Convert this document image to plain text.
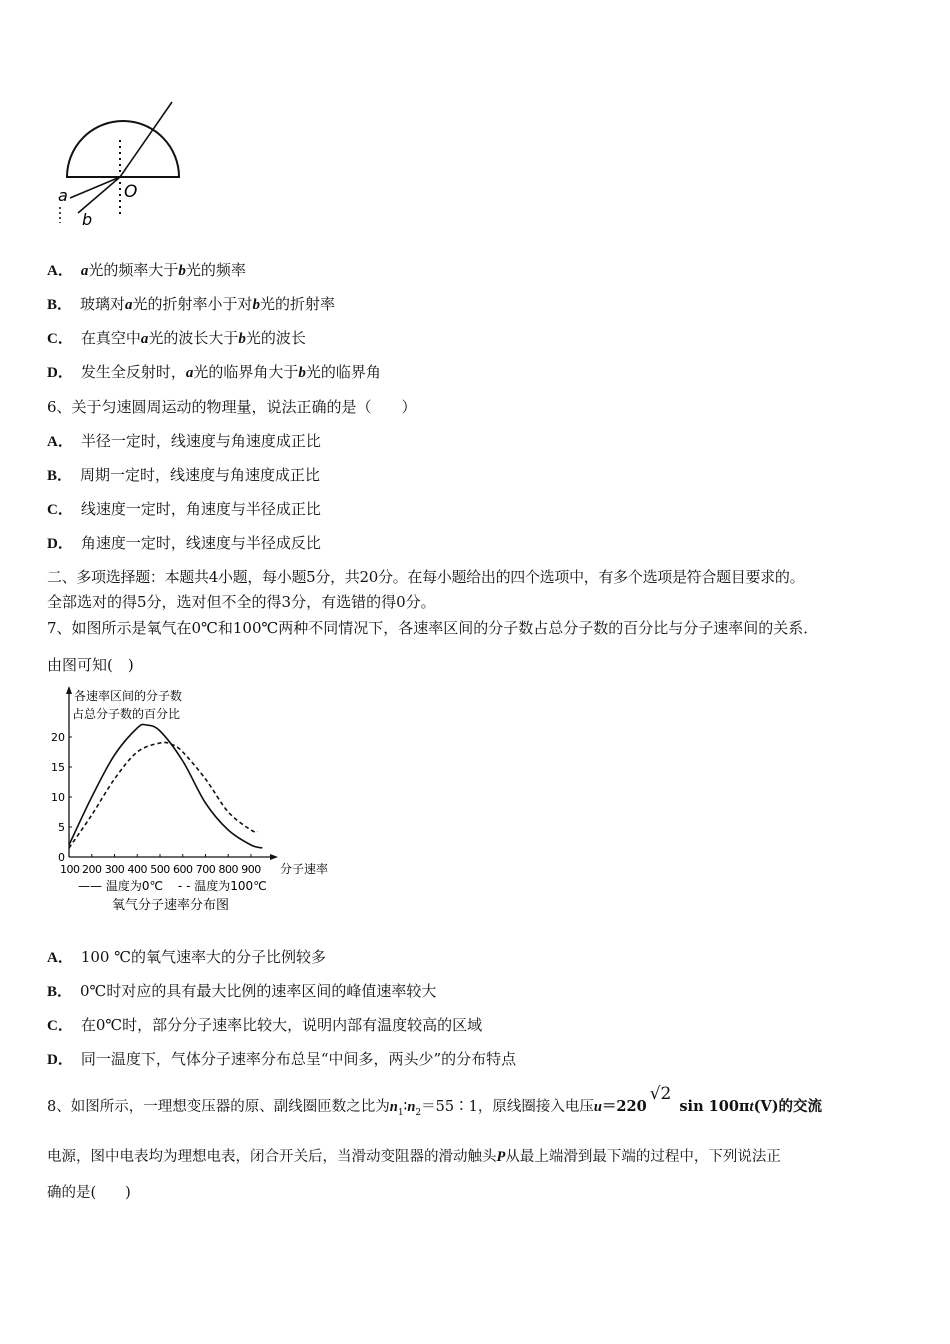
a
b
O
A． a光的频率大于b光的频率
B． 玻璃对a光的折射率小于对b光的折射率
C． 在真空中a光的波长大于b光的波长
D． 发生全反射时，a光的临界角大于b光的临界角
6、关于匀速圆周运动的物理量，说法正确的是（　　）
A． 半径一定时，线速度与角速度成正比
B． 周期一定时，线速度与角速度成正比
C． 线速度一定时，角速度与半径成正比
D． 角速度一定时，线速度与半径成反比
二、多项选择题：本题共4小题，每小题5分，共20分。在每小题给出的四个选项中，有多个选项是符合题目要求的。
全部选对的得5分，选对但不全的得3分，有选错的得0分。
7、如图所示是氧气在0℃和100℃两种不同情况下，各速率区间的分子数占总分子数的百分比与分子速率间的关系．
由图可知(　)
各速率区间的分子数
占总分子数的百分比
0
5
10
15
20
100 200 300 400 500 600 700 800 900 分子速率
—— 温度为0℃ - - 温度为100℃
氧气分子速率分布图
A． 100 ℃的氧气速率大的分子比例较多
B． 0℃时对应的具有最大比例的速率区间的峰值速率较大
C． 在0℃时，部分分子速率比较大，说明内部有温度较高的区域
D． 同一温度下，气体分子速率分布总呈“中间多，两头少”的分布特点
8、如图所示，一理想变压器的原、副线圈匝数之比为$n_1∶n_2=55∶1$，原线圈接入电压u＝220√2 sin 100πt(V)的交流
电源，图中电表均为理想电表，闭合开关后，当滑动变阻器的滑动触头P从最上端滑到最下端的过程中，下列说法正
确的是(　　)
